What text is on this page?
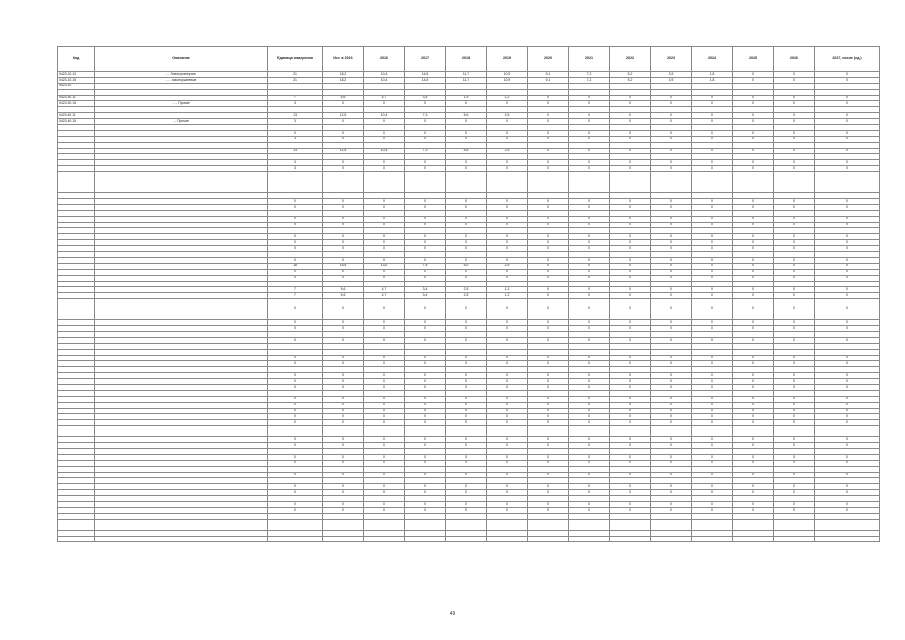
Код	Описание	Единица измерения	Ист. в 2016	2016	2017	2018	2019	2020	2021	2022	2023	2024	2025	2026	2027, после (ед.)
0423.10.13	- - Электроэнергия	21	18,2	10,4	14,5	11,7	10,9	9,1	7,2	5,2	3,9	1,8	0	0	0
0423.10.15	- - - газопоршневые	21	18,2	10,4	14,5	11,7	10,9	9,1	7,2	5,2	3,9	1,8	0	0	0
0423.20															

0423.30.11		7	5,6	4,7	3,4	1,9	1,2	0	0	0	0	0	0	0	0
0423.30.15	- - - Прочие	3	0	0	0	0	0	0	0	0	0	0	0	0	0

0423.40.11		13	12,5	10,4	7,3	5,6	2,5	0	0	0	0	0	0	0	0
0423.40.15	- - Прочие	3	0	0	0	0	0	0	0	0	0	0	0	0	0

		0	0	0	0	0	0	0	0	0	0	0	0	0	0
		3	0	0	0	0	0	0	0	0	0	0	0	0	0

		13	12,5	10,4	7,3	5,6	2,5	0	0	0	0	0	0	0	0

		3	0	0	0	0	0	0	0	0	0	0	0	0	0
		3	0	0	0	0	0	0	0	0	0	0	0	0	0

		0	0	0	0	0	0	0	0	0	0	0	0	0	0
		0	0	0	0	0	0	0	0	0	0	0	0	0	0

		0	0	0	0	0	0	0	0	0	0	0	0	0	0
		0	0	0	0	0	0	0	0	0	0	0	0	0	0

		0	0	0	0	0	0	0	0	0	0	0	0	0	0
		0	0	0	0	0	0	0	0	0	0	0	0	0	0
		0	0	0	0	0	0	0	0	0	0	0	0	0	0

		0	0	0	0	0	0	0	0	0	0	0	0	0	0
		18	15,5	13,0	7,5	5,0	2,5	0	0	0	0	0	0	0	0
		0	0	0	0	0	0	0	0	0	0	0	0	0	0
		0	0	0	0	0	0	0	0	0	0	0	0	0	0

		7	5,6	4,7	3,4	2,5	1,2	0	0	0	0	0	0	0	0
		7	5,6	4,7	3,4	2,5	1,2	0	0	0	0	0	0	0	0
		0	0	0	0	0	0	0	0	0	0	0	0	0	0
		0	0	0	0	0	0	0	0	0	0	0	0	0	0
		0	0	0	0	0	0	0	0	0	0	0	0	0	0

		0	0	0	0	0	0	0	0	0	0	0	0	0	0

		0	0	0	0	0	0	0	0	0	0	0	0	0	0
		0	0	0	0	0	0	0	0	0	0	0	0	0	0

		0	0	0	0	0	0	0	0	0	0	0	0	0	0
		0	0	0	0	0	0	0	0	0	0	0	0	0	0
		0	0	0	0	0	0	0	0	0	0	0	0	0	0

		0	0	0	0	0	0	0	0	0	0	0	0	0	0
		0	0	0	0	0	0	0	0	0	0	0	0	0	0
		0	0	0	0	0	0	0	0	0	0	0	0	0	0
		0	0	0	0	0	0	0	0	0	0	0	0	0	0
		0	0	0	0	0	0	0	0	0	0	0	0	0	0

		0	0	0	0	0	0	0	0	0	0	0	0	0	0
		0	0	0	0	0	0	0	0	0	0	0	0	0	0

		0	0	0	0	0	0	0	0	0	0	0	0	0	0
		0	0	0	0	0	0	0	0	0	0	0	0	0	0

		0	0	0	0	0	0	0	0	0	0	0	0	0	0

		0	0	0	0	0	0	0	0	0	0	0	0	0	0
		0	0	0	0	0	0	0	0	0	0	0	0	0	0

		0	0	0	0	0	0	0	0	0	0	0	0	0	0
		0	0	0	0	0	0	0	0	0	0	0	0	0	0

49
